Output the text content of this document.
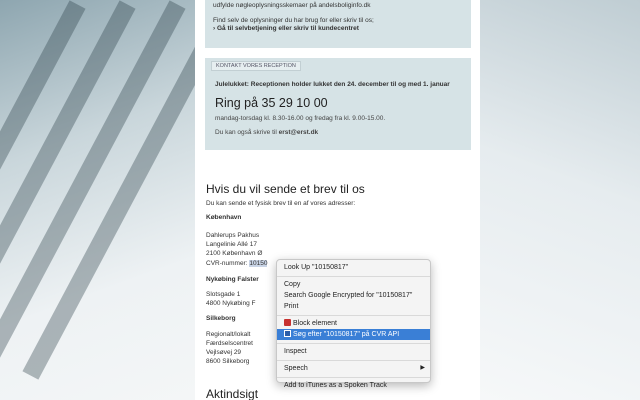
udfylde nøgleoplysningsskemaer på andelsboliginfo.dk
Find selv de oplysninger du har brug for eller skriv til os;
› Gå til selvbetjening eller skriv til kundecentret
KONTAKT VORES RECEPTION
Julelukket: Receptionen holder lukket den 24. december til og med 1. januar
Ring på 35 29 10 00
mandag-torsdag kl. 8.30-16.00 og fredag fra kl. 9.00-15.00.
Du kan også skrive til erst@erst.dk
Hvis du vil sende et brev til os
Du kan sende et fysisk brev til en af vores adresser:
København
Dahlerups Pakhus
Langelinie Allé 17
2100 København Ø
CVR-nummer: 10150
Nykøbing Falster
Slotsgade 1
4800 Nykøbing F
Silkeborg
Regionalt/lokalt
Færdselscentret
Vejlsøvej 29
8600 Silkeborg
Aktindsigt
Look Up "10150817"
Copy
Search Google Encrypted for "10150817"
Print
Block element
Søg efter "10150817" på CVR API
Inspect
Speech	▶
Add to iTunes as a Spoken Track
